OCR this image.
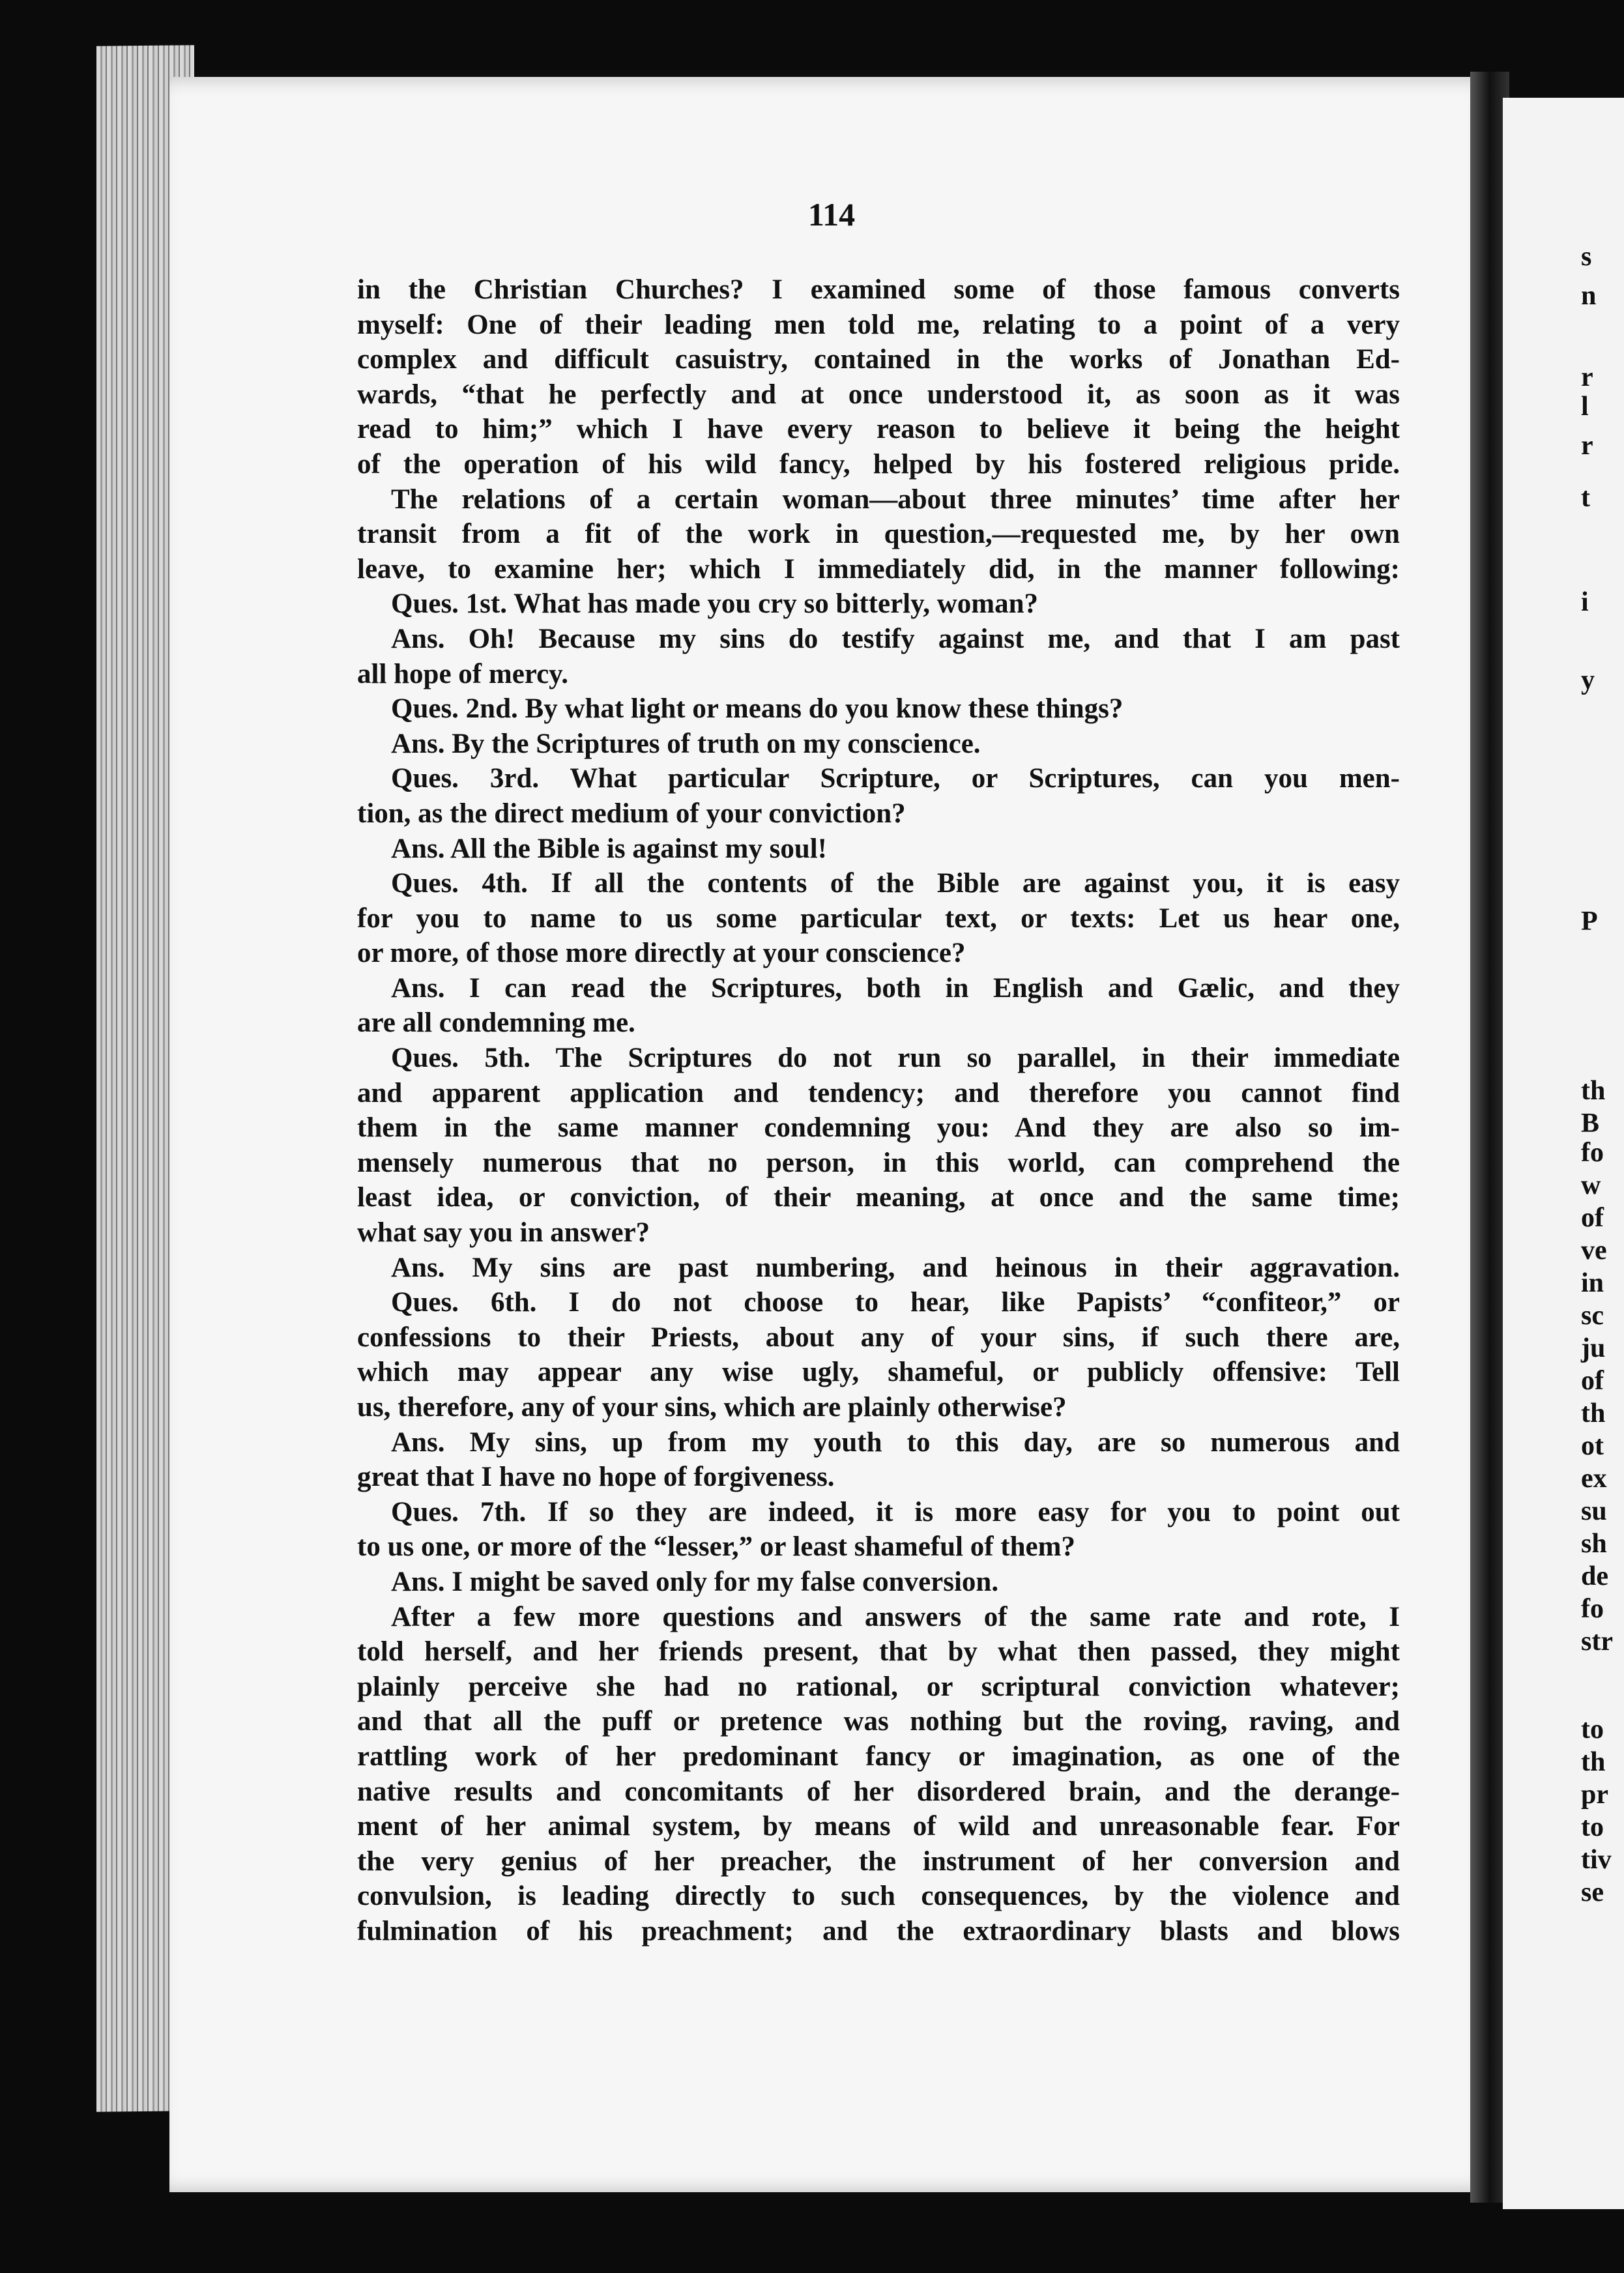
s
n
r
l
r
t
i
y
P
th
B
fo
w
of
ve
in
sc
ju
of
th
ot
ex
su
sh
de
fo
str
to
th
pr
to
tiv
se
114
in the Christian Churches? I examined some of those famous converts
myself: One of their leading men told me, relating to a point of a very
complex and difficult casuistry, contained in the works of Jonathan Ed-
wards, “that he perfectly and at once understood it, as soon as it was
read to him;” which I have every reason to believe it being the height
of the operation of his wild fancy, helped by his fostered religious pride.
The relations of a certain woman—about three minutes’ time after her
transit from a fit of the work in question,—requested me, by her own
leave, to examine her; which I immediately did, in the manner following:
Ques. 1st. What has made you cry so bitterly, woman?
Ans. Oh! Because my sins do testify against me, and that I am past
all hope of mercy.
Ques. 2nd. By what light or means do you know these things?
Ans. By the Scriptures of truth on my conscience.
Ques. 3rd. What particular Scripture, or Scriptures, can you men-
tion, as the direct medium of your conviction?
Ans. All the Bible is against my soul!
Ques. 4th. If all the contents of the Bible are against you, it is easy
for you to name to us some particular text, or texts: Let us hear one,
or more, of those more directly at your conscience?
Ans. I can read the Scriptures, both in English and Gælic, and they
are all condemning me.
Ques. 5th. The Scriptures do not run so parallel, in their immediate
and apparent application and tendency; and therefore you cannot find
them in the same manner condemning you: And they are also so im-
mensely numerous that no person, in this world, can comprehend the
least idea, or conviction, of their meaning, at once and the same time;
what say you in answer?
Ans. My sins are past numbering, and heinous in their aggravation.
Ques. 6th. I do not choose to hear, like Papists’ “confiteor,” or
confessions to their Priests, about any of your sins, if such there are,
which may appear any wise ugly, shameful, or publicly offensive: Tell
us, therefore, any of your sins, which are plainly otherwise?
Ans. My sins, up from my youth to this day, are so numerous and
great that I have no hope of forgiveness.
Ques. 7th. If so they are indeed, it is more easy for you to point out
to us one, or more of the “lesser,” or least shameful of them?
Ans. I might be saved only for my false conversion.
After a few more questions and answers of the same rate and rote, I
told herself, and her friends present, that by what then passed, they might
plainly perceive she had no rational, or scriptural conviction whatever;
and that all the puff or pretence was nothing but the roving, raving, and
rattling work of her predominant fancy or imagination, as one of the
native results and concomitants of her disordered brain, and the derange-
ment of her animal system, by means of wild and unreasonable fear. For
the very genius of her preacher, the instrument of her conversion and
convulsion, is leading directly to such consequences, by the violence and
fulmination of his preachment; and the extraordinary blasts and blows
